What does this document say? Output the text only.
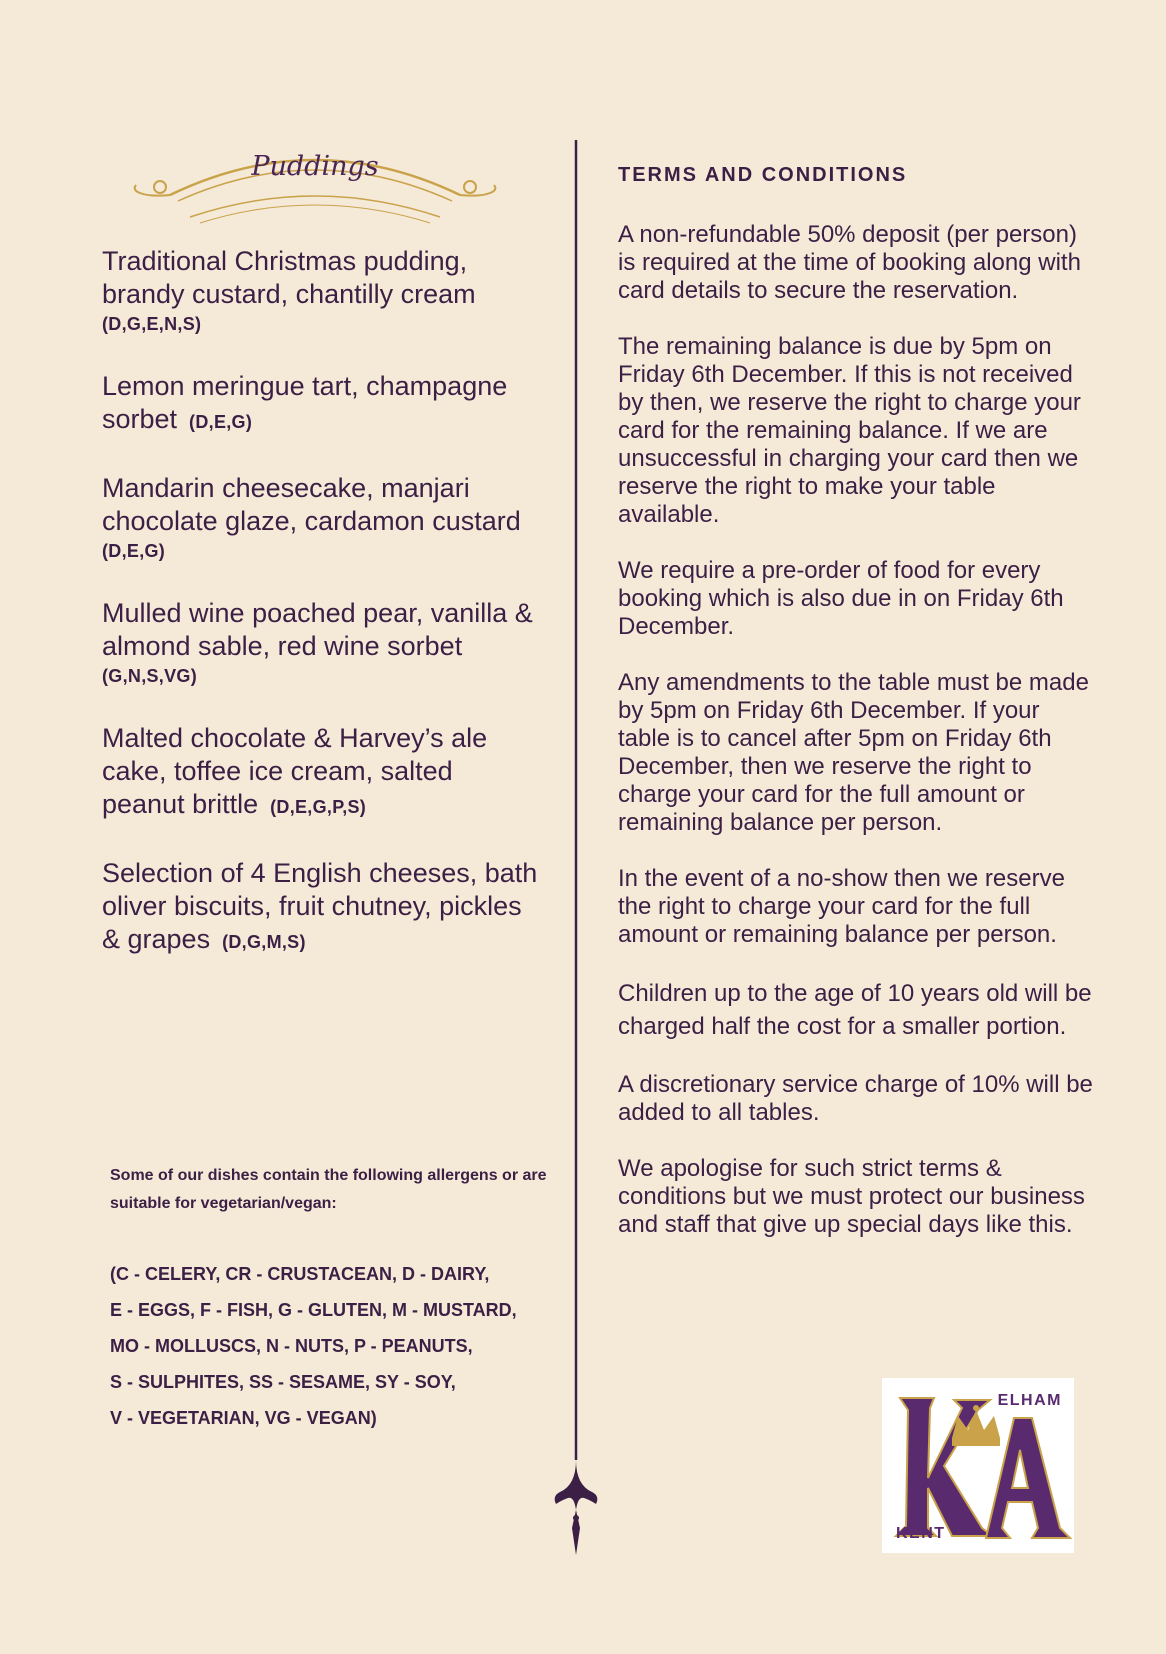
Puddings
Traditional Christmas pudding, brandy custard, chantilly cream
(D,G,E,N,S)
Lemon meringue tart, champagne sorbet (D,E,G)
Mandarin cheesecake, manjari chocolate glaze, cardamon custard
(D,E,G)
Mulled wine poached pear, vanilla & almond sable, red wine sorbet
(G,N,S,VG)
Malted chocolate & Harvey’s ale cake, toffee ice cream, salted peanut brittle (D,E,G,P,S)
Selection of 4 English cheeses, bath oliver biscuits, fruit chutney, pickles & grapes (D,G,M,S)
Some of our dishes contain the following allergens or are suitable for vegetarian/vegan:
(C - CELERY, CR - CRUSTACEAN, D - DAIRY,
E - EGGS, F - FISH, G - GLUTEN, M - MUSTARD,
MO - MOLLUSCS, N - NUTS, P - PEANUTS,
S - SULPHITES, SS - SESAME, SY - SOY,
V - VEGETARIAN, VG - VEGAN)
TERMS AND CONDITIONS

A non-refundable 50% deposit (per person) is required at the time of booking along with card details to secure the reservation.

The remaining balance is due by 5pm on Friday 6th December. If this is not received by then, we reserve the right to charge your card for the remaining balance. If we are unsuccessful in charging your card then we reserve the right to make your table available.

We require a pre-order of food for every booking which is also due in on Friday 6th December.

Any amendments to the table must be made by 5pm on Friday 6th December. If your table is to cancel after 5pm on Friday 6th December, then we reserve the right to charge your card for the full amount or remaining balance per person.

In the event of a no-show then we reserve the right to charge your card for the full amount or remaining balance per person.

Children up to the age of 10 years old will be charged half the cost for a smaller portion.

A discretionary service charge of 10% will be added to all tables.

We apologise for such strict terms & conditions but we must protect our business and staff that give up special days like this.

ELHAM
KENT
